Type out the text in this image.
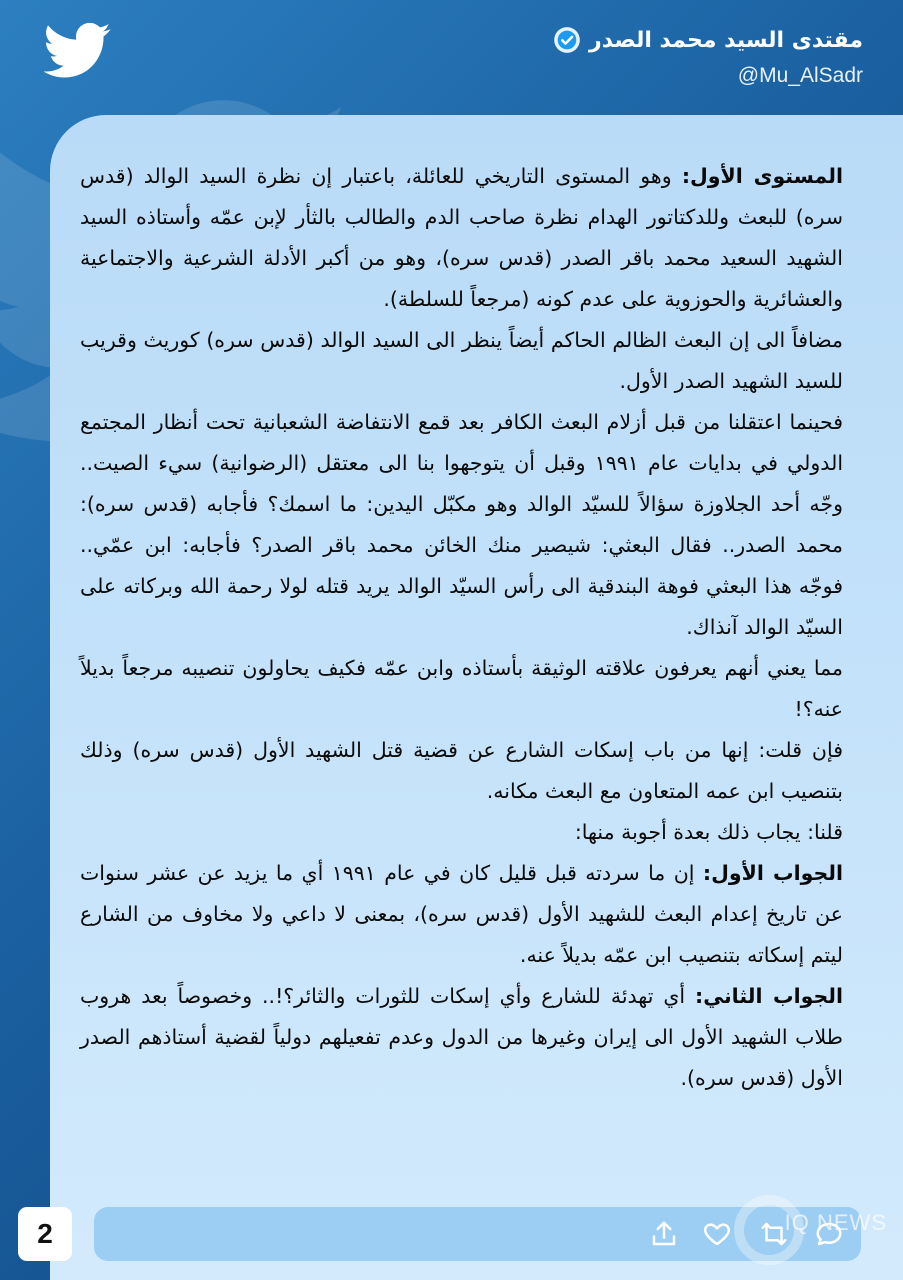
مقتدى السيد محمد الصدر
@Mu_AlSadr

المستوى الأول: وهو المستوى التاريخي للعائلة، باعتبار إن نظرة السيد الوالد (قدس سره) للبعث وللدكتاتور الهدام نظرة صاحب الدم والطالب بالثأر لإبن عمّه وأستاذه السيد الشهيد السعيد محمد باقر الصدر (قدس سره)، وهو من أكبر الأدلة الشرعية والاجتماعية والعشائرية والحوزوية على عدم كونه (مرجعاً للسلطة).

مضافاً الى إن البعث الظالم الحاكم أيضاً ينظر الى السيد الوالد (قدس سره) كوريث وقريب للسيد الشهيد الصدر الأول.

فحينما اعتقلنا من قبل أزلام البعث الكافر بعد قمع الانتفاضة الشعبانية تحت أنظار المجتمع الدولي في بدايات عام ١٩٩١ وقبل أن يتوجهوا بنا الى معتقل (الرضوانية) سيء الصيت.. وجّه أحد الجلاوزة سؤالاً للسيّد الوالد وهو مكبّل اليدين: ما اسمك؟ فأجابه (قدس سره): محمد الصدر.. فقال البعثي: شيصير منك الخائن محمد باقر الصدر؟ فأجابه: ابن عمّي.. فوجّه هذا البعثي فوهة البندقية الى رأس السيّد الوالد يريد قتله لولا رحمة الله وبركاته على السيّد الوالد آنذاك.

مما يعني أنهم يعرفون علاقته الوثيقة بأستاذه وابن عمّه فكيف يحاولون تنصيبه مرجعاً بديلاً عنه؟!

فإن قلت: إنها من باب إسكات الشارع عن قضية قتل الشهيد الأول (قدس سره) وذلك بتنصيب ابن عمه المتعاون مع البعث مكانه.

قلنا: يجاب ذلك بعدة أجوبة منها:

الجواب الأول: إن ما سردته قبل قليل كان في عام ١٩٩١ أي ما يزيد عن عشر سنوات عن تاريخ إعدام البعث للشهيد الأول (قدس سره)، بمعنى لا داعي ولا مخاوف من الشارع ليتم إسكاته بتنصيب ابن عمّه بديلاً عنه.

الجواب الثاني: أي تهدئة للشارع وأي إسكات للثورات والثائر؟!.. وخصوصاً بعد هروب طلاب الشهيد الأول الى إيران وغيرها من الدول وعدم تفعيلهم دولياً لقضية أستاذهم الصدر الأول (قدس سره).

2	IQ NEWS
